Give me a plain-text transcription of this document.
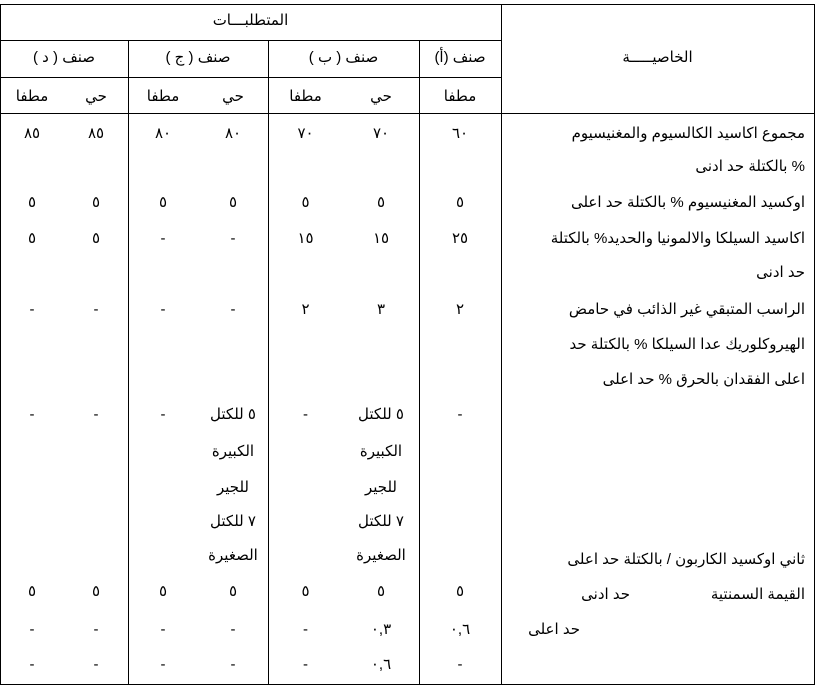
المتطلبـــات
الخاصيـــــة
صنف (أ)
صنف ( ب )
صنف ( ج )
صنف ( د )
مطفا
حي
مطفا
حي
مطفا
حي
مطفا
مجموع اكاسيد الكالسيوم والمغنيسيوم
% بالكتلة حد ادنى
٦٠
٧٠
٧٠
٨٠
٨٠
٨٥
٨٥
اوكسيد المغنيسيوم % بالكتلة حد اعلى
٥
٥
٥
٥
٥
٥
٥
اكاسيد السيلكا والالمونيا والحديد% بالكتلة
حد ادنى
٢٥
١٥
١٥
-
-
٥
٥
الراسب المتبقي غير الذائب في حامض
الهيروكلوريك عدا السيلكا % بالكتلة حد
اعلى الفقدان بالحرق % حد اعلى
٢
٣
٢
-
-
-
-
-
-
-
-
-	٥ للكتل
الكبيرة
للجير
٧ للكتل
الصغيرة
٥ للكتل
الكبيرة
للجير
٧ للكتل
الصغيرة	ثاني اوكسيد الكاربون / بالكتلة حد اعلى
القيمة السمنتية
حد ادنى
حد اعلى
٥
٥
٥
٥
٥
٥
٥
٠,٦
٠,٣
-
-
-
-
-
-
٠,٦
-
-
-
-
-
